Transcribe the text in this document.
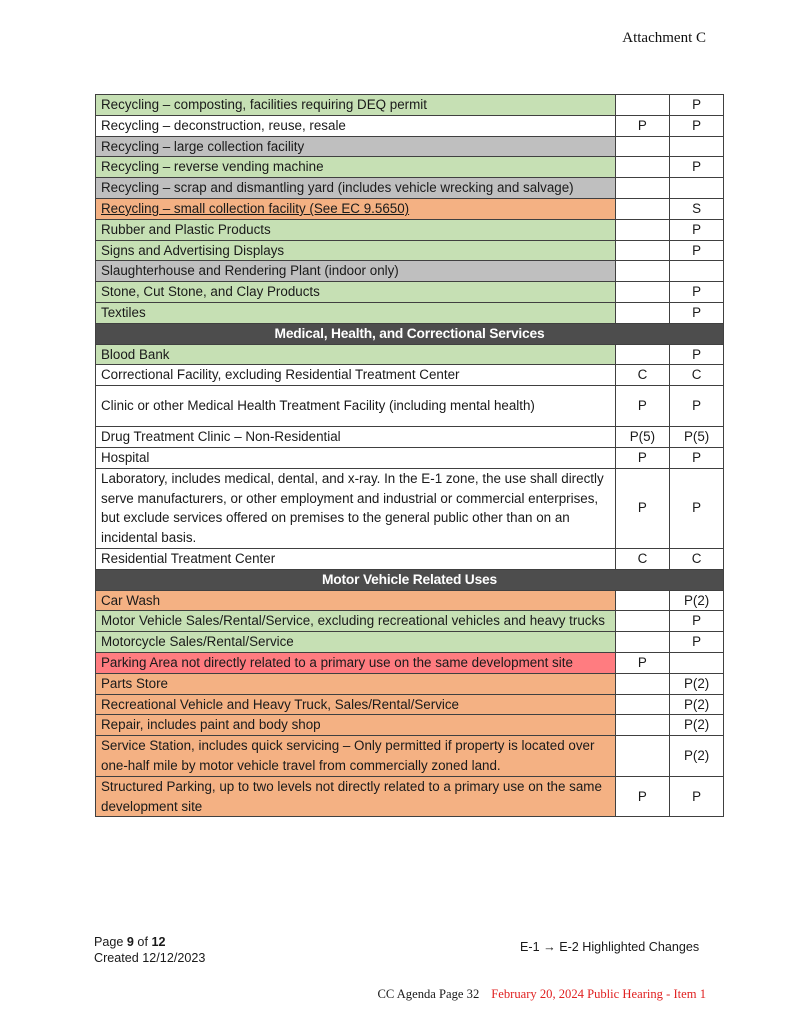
Attachment C
Recycling – composting, facilities requiring DEQ permit		P
Recycling – deconstruction, reuse, resale	P	P
Recycling – large collection facility		
Recycling – reverse vending machine		P
Recycling – scrap and dismantling yard (includes vehicle wrecking and salvage)		
Recycling – small collection facility (See EC 9.5650)		S
Rubber and Plastic Products		P
Signs and Advertising Displays		P
Slaughterhouse and Rendering Plant (indoor only)		
Stone, Cut Stone, and Clay Products		P
Textiles		P
Medical, Health, and Correctional Services		
Blood Bank		P
Correctional Facility, excluding Residential Treatment Center	C	C
Clinic or other Medical Health Treatment Facility (including mental health)	P	P
Drug Treatment Clinic – Non-Residential	P(5)	P(5)
Hospital	P	P
Laboratory, includes medical, dental, and x-ray. In the E-1 zone, the use shall directly serve manufacturers, or other employment and industrial or commercial enterprises, but exclude services offered on premises to the general public other than on an incidental basis.	P	P
Residential Treatment Center	C	C
Motor Vehicle Related Uses		
Car Wash		P(2)
Motor Vehicle Sales/Rental/Service, excluding recreational vehicles and heavy trucks		P
Motorcycle Sales/Rental/Service		P
Parking Area not directly related to a primary use on the same development site	P	
Parts Store		P(2)
Recreational Vehicle and Heavy Truck, Sales/Rental/Service		P(2)
Repair, includes paint and body shop		P(2)
Service Station, includes quick servicing – Only permitted if property is located over one-half mile by motor vehicle travel from commercially zoned land.		P(2)
Structured Parking, up to two levels not directly related to a primary use on the same development site	P	P
Page 9 of 12
Created 12/12/2023
E-1 → E-2 Highlighted Changes
CC Agenda Page 32 February 20, 2024 Public Hearing - Item 1
